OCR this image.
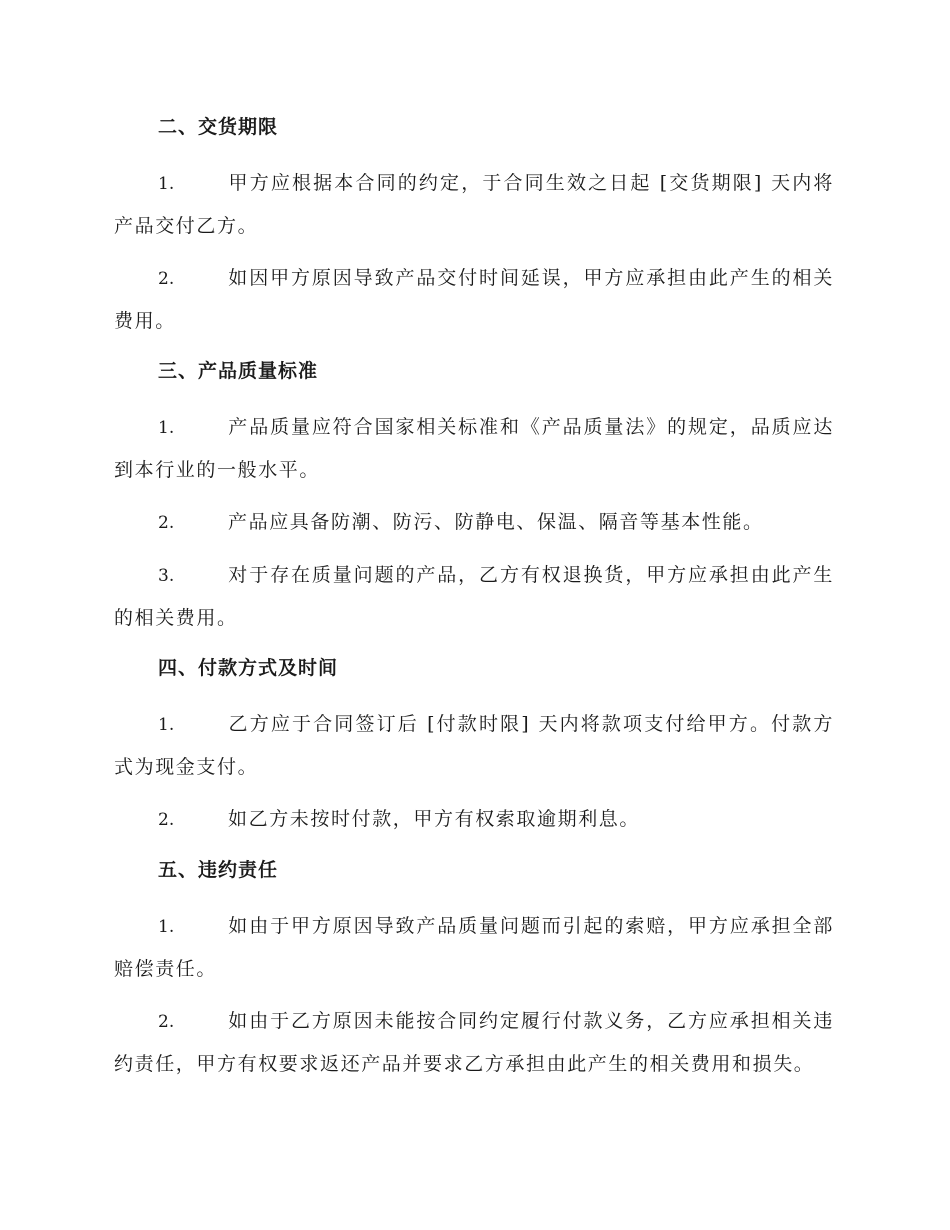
二、交货期限

1.	甲方应根据本合同的约定，于合同生效之日起 [交货期限] 天内将产品交付乙方。

2.	如因甲方原因导致产品交付时间延误，甲方应承担由此产生的相关费用。

三、产品质量标准

1.	产品质量应符合国家相关标准和《产品质量法》的规定，品质应达到本行业的一般水平。

2.	产品应具备防潮、防污、防静电、保温、隔音等基本性能。

3.	对于存在质量问题的产品，乙方有权退换货，甲方应承担由此产生的相关费用。

四、付款方式及时间

1.	乙方应于合同签订后 [付款时限] 天内将款项支付给甲方。付款方式为现金支付。

2.	如乙方未按时付款，甲方有权索取逾期利息。

五、违约责任

1.	如由于甲方原因导致产品质量问题而引起的索赔，甲方应承担全部赔偿责任。

2.	如由于乙方原因未能按合同约定履行付款义务，乙方应承担相关违约责任，甲方有权要求返还产品并要求乙方承担由此产生的相关费用和损失。
